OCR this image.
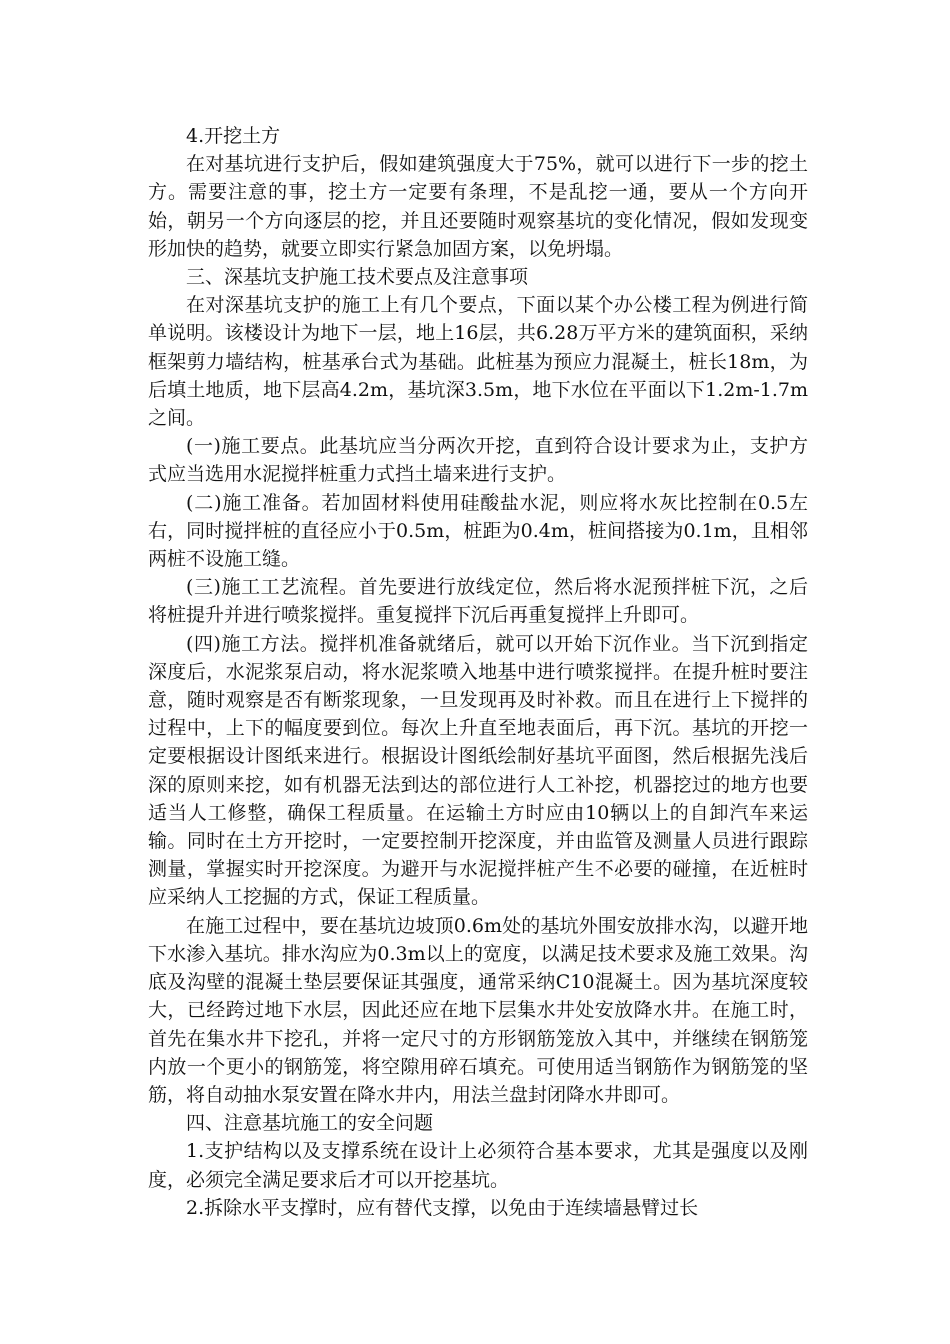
4.开挖土方

在对基坑进行支护后，假如建筑强度大于75%，就可以进行下一步的挖土方。需要注意的事，挖土方一定要有条理，不是乱挖一通，要从一个方向开始，朝另一个方向逐层的挖，并且还要随时观察基坑的变化情况，假如发现变形加快的趋势，就要立即实行紧急加固方案，以免坍塌。

三、深基坑支护施工技术要点及注意事项

在对深基坑支护的施工上有几个要点，下面以某个办公楼工程为例进行简单说明。该楼设计为地下一层，地上16层，共6.28万平方米的建筑面积，采纳框架剪力墙结构，桩基承台式为基础。此桩基为预应力混凝土，桩长18m，为后填土地质，地下层高4.2m，基坑深3.5m，地下水位在平面以下1.2m-1.7m之间。

(一)施工要点。此基坑应当分两次开挖，直到符合设计要求为止，支护方式应当选用水泥搅拌桩重力式挡土墙来进行支护。

(二)施工准备。若加固材料使用硅酸盐水泥，则应将水灰比控制在0.5左右，同时搅拌桩的直径应小于0.5m，桩距为0.4m，桩间搭接为0.1m，且相邻两桩不设施工缝。

(三)施工工艺流程。首先要进行放线定位，然后将水泥预拌桩下沉，之后将桩提升并进行喷浆搅拌。重复搅拌下沉后再重复搅拌上升即可。

(四)施工方法。搅拌机准备就绪后，就可以开始下沉作业。当下沉到指定深度后，水泥浆泵启动，将水泥浆喷入地基中进行喷浆搅拌。在提升桩时要注意，随时观察是否有断浆现象，一旦发现再及时补救。而且在进行上下搅拌的过程中，上下的幅度要到位。每次上升直至地表面后，再下沉。基坑的开挖一定要根据设计图纸来进行。根据设计图纸绘制好基坑平面图，然后根据先浅后深的原则来挖，如有机器无法到达的部位进行人工补挖，机器挖过的地方也要适当人工修整，确保工程质量。在运输土方时应由10辆以上的自卸汽车来运输。同时在土方开挖时，一定要控制开挖深度，并由监管及测量人员进行跟踪测量，掌握实时开挖深度。为避开与水泥搅拌桩产生不必要的碰撞，在近桩时应采纳人工挖掘的方式，保证工程质量。

在施工过程中，要在基坑边坡顶0.6m处的基坑外围安放排水沟，以避开地下水渗入基坑。排水沟应为0.3m以上的宽度，以满足技术要求及施工效果。沟底及沟壁的混凝土垫层要保证其强度，通常采纳C10混凝土。因为基坑深度较大，已经跨过地下水层，因此还应在地下层集水井处安放降水井。在施工时，首先在集水井下挖孔，并将一定尺寸的方形钢筋笼放入其中，并继续在钢筋笼内放一个更小的钢筋笼，将空隙用碎石填充。可使用适当钢筋作为钢筋笼的坚筋，将自动抽水泵安置在降水井内，用法兰盘封闭降水井即可。

四、注意基坑施工的安全问题

1.支护结构以及支撑系统在设计上必须符合基本要求，尤其是强度以及刚度，必须完全满足要求后才可以开挖基坑。

2.拆除水平支撑时，应有替代支撑，以免由于连续墙悬臂过长
